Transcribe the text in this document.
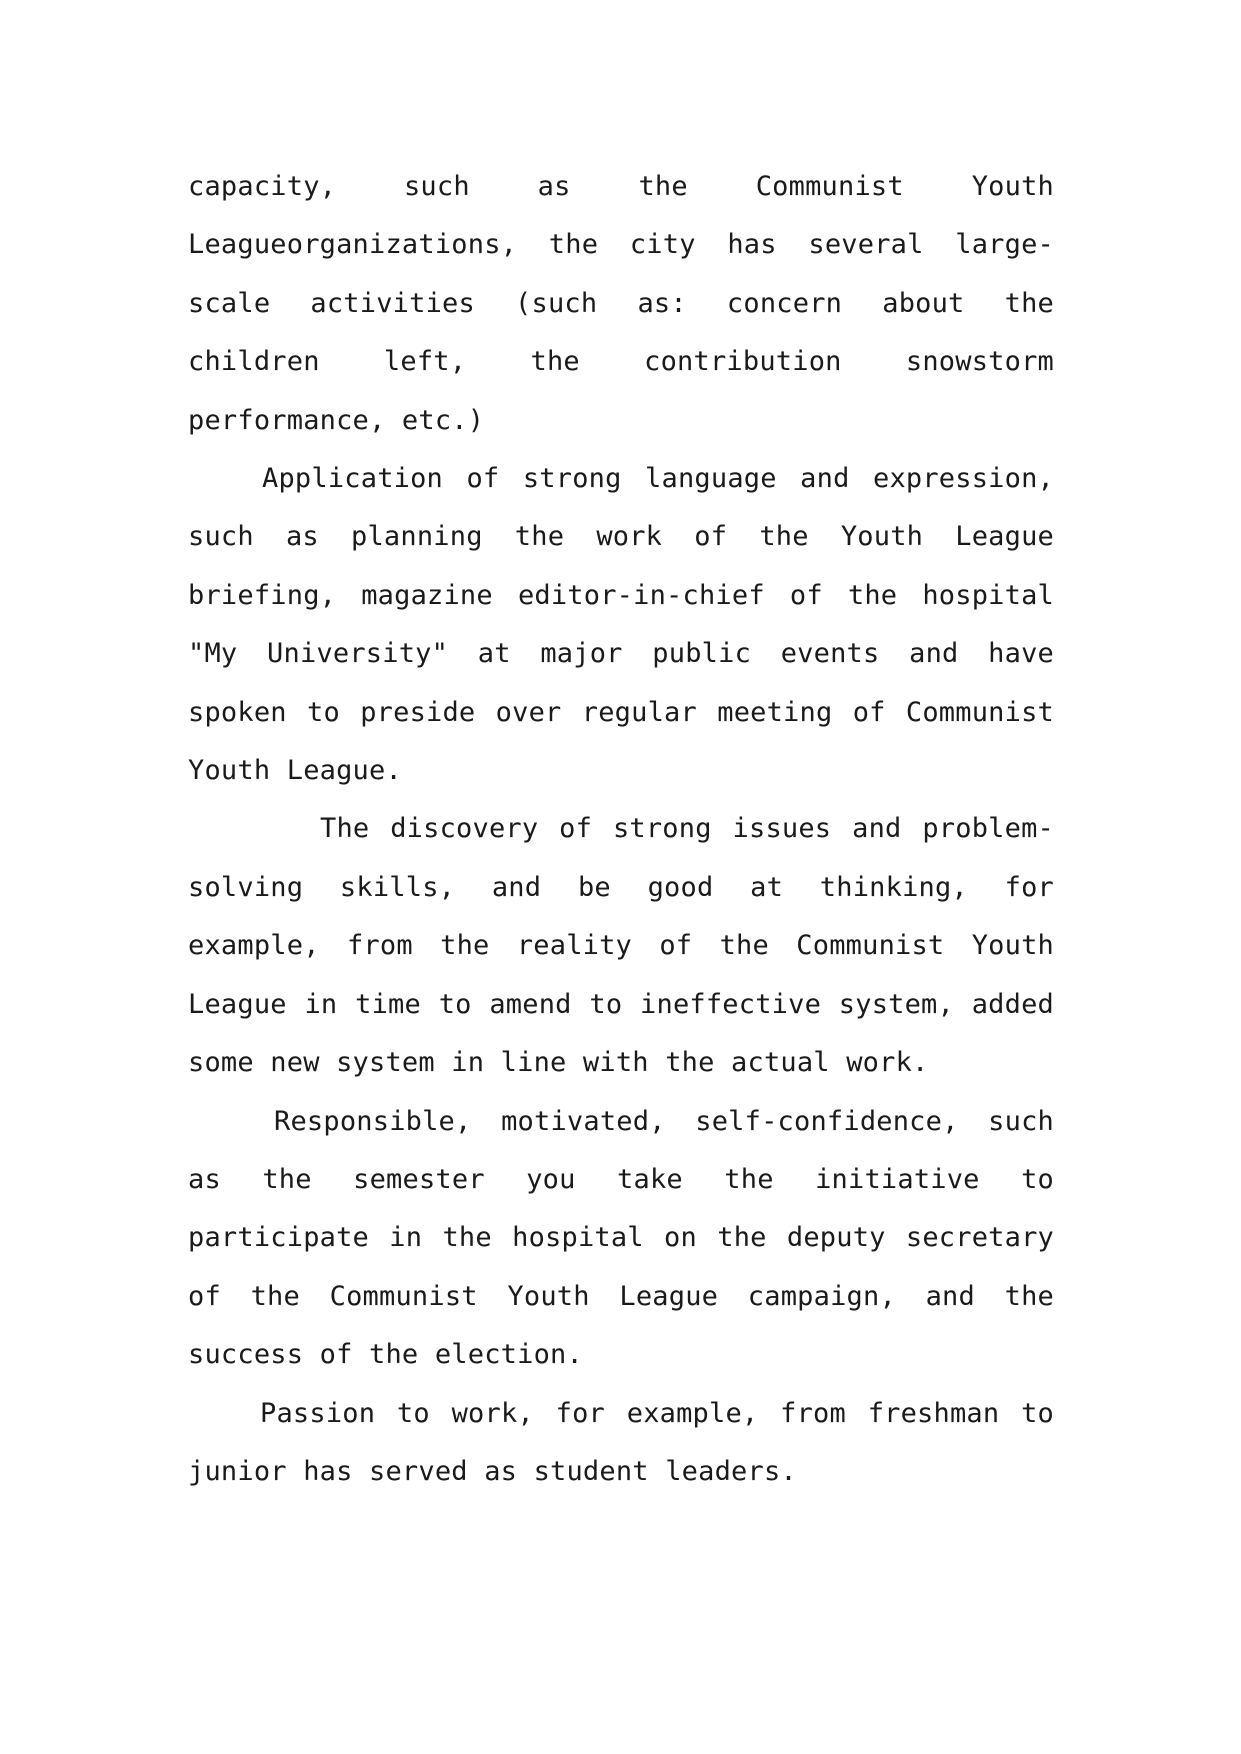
capacity, such as the Communist Youth Leagueorganizations, the city has several large-scale activities (such as: concern about the children left, the contribution snowstorm performance, etc.)

Application of strong language and expression, such as planning the work of the Youth League briefing, magazine editor-in-chief of the hospital "My University" at major public events and have spoken to preside over regular meeting of Communist Youth League.

The discovery of strong issues and problem-solving skills, and be good at thinking, for example, from the reality of the Communist Youth League in time to amend to ineffective system, added some new system in line with the actual work.

Responsible, motivated, self-confidence, such as the semester you take the initiative to participate in the hospital on the deputy secretary of the Communist Youth League campaign, and the success of the election.

Passion to work, for example, from freshman to junior has served as student leaders.
